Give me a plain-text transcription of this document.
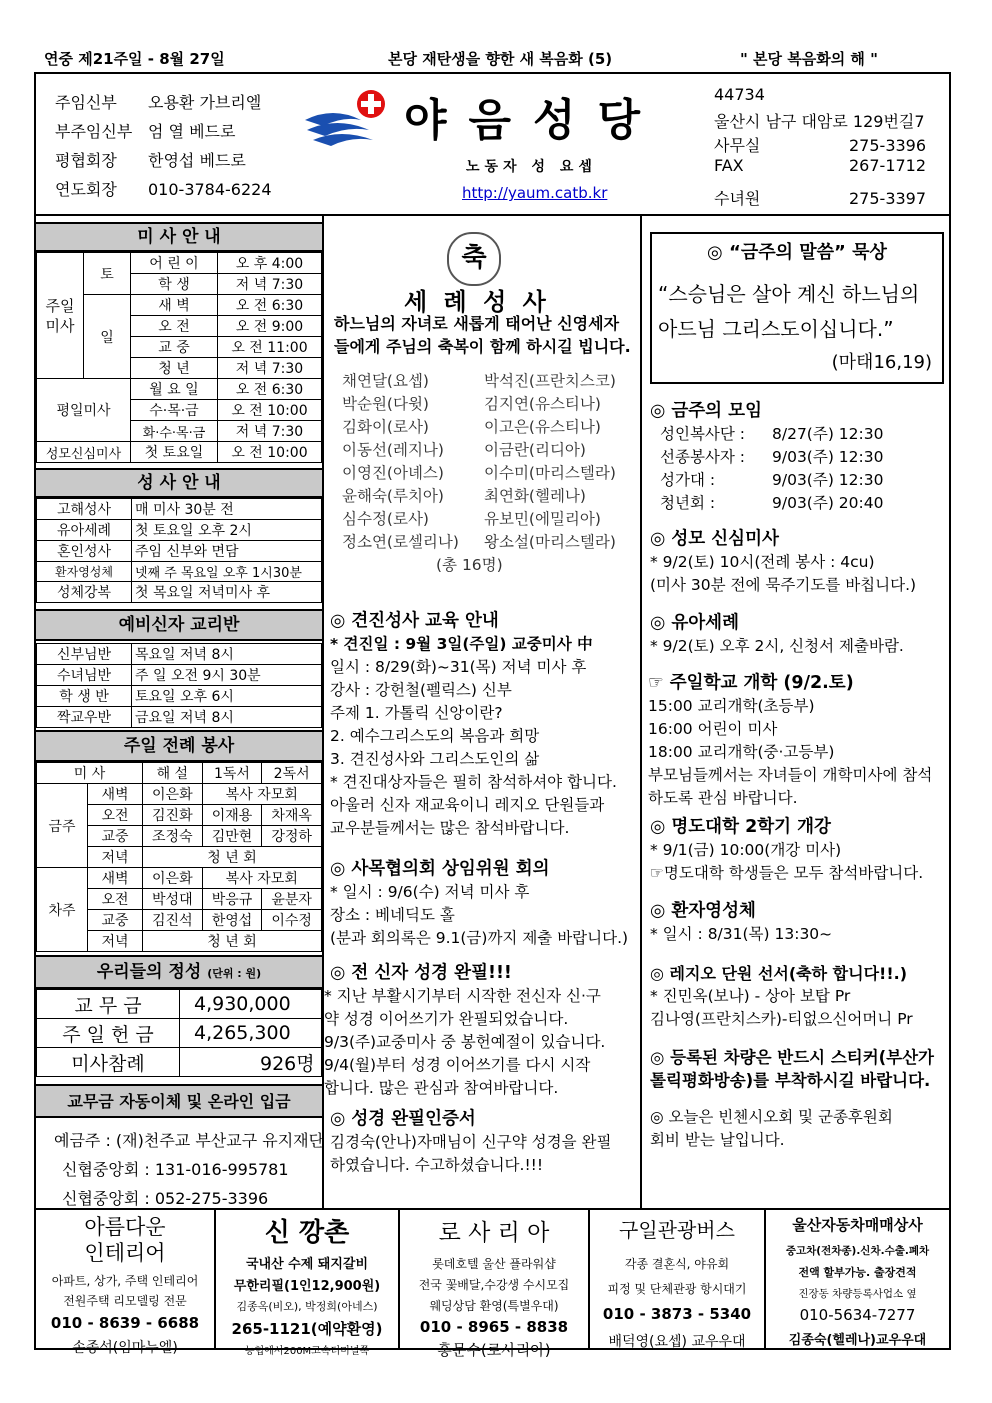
연중 제21주일 - 8월 27일	본당 재탄생을 향한 새 복음화 (5)	" 본당 복음화의 해 "
주임신부 오용환 가브리엘
부주임신부 엄 열 베드로
평협회장 한영섭 베드로
연도회장 010-3784-6224
야음성당
노동자 성 요셉
http://yaum.catb.kr
44734
울산시 남구 대암로 129번길7
사무실	275-3396
FAX	267-1712
수녀원	275-3397
미 사 안 내
주일미사	토	어 린 이	오 후 4:00
		학 생	저 녁 7:30
	일	새 벽	오 전 6:30
		오 전	오 전 9:00
		교 중	오 전 11:00
		청 년	저 녁 7:30
평일미사		월 요 일	오 전 6:30
		수·목·금	오 전 10:00
		화·수·목·금	저 녁 7:30
성모신심미사		첫 토요일	오 전 10:00
성 사 안 내
고해성사	매 미사 30분 전
유아세례	첫 토요일 오후 2시
혼인성사	주임 신부와 면담
환자영성체	넷째 주 목요일 오후 1시30분
성체강복	첫 목요일 저녁미사 후
예비신자 교리반
신부님반	목요일 저녁 8시
수녀님반	주 일 오전 9시 30분
학 생 반	토요일 오후 6시
짝교우반	금요일 저녁 8시
주일 전례 봉사
미 사		해 설	1독서	2독서
금주	새벽	이은화	복사 자모회	
	오전	김진화	이재용	차재옥
	교중	조정숙	김만현	강정하
	저녁	청 년 회		
차주	새벽	이은화	복사 자모회	
	오전	박성대	박응규	윤분자
	교중	김진석	한영섭	이수정
	저녁	청 년 회		
우리들의 정성 (단위 : 원)
교 무 금	4,930,000
주 일 헌 금	4,265,300
미사참례	926명
교무금 자동이체 및 온라인 입금
예금주 : (재)천주교 부산교구 유지재단
신협중앙회 : 131-016-995781
신협중앙회 : 052-275-3396
축
세 례 성 사
하느님의 자녀로 새롭게 태어난 신영세자
들에게 주님의 축복이 함께 하시길 빕니다.
채연달(요셉)	박석진(프란치스코)
박순원(다윗)	김지연(유스티나)
김화이(로사)	이고은(유스티나)
이동선(레지나)	이금란(리디아)
이영진(아녜스)	이수미(마리스텔라)
윤해숙(루치아)	최연화(헬레나)
심수정(로사)	유보민(에밀리아)
정소연(로셀리나) 왕소설(마리스텔라)
(총 16명)
◎ 견진성사 교육 안내
* 견진일 : 9월 3일(주일) 교중미사 中
일시 : 8/29(화)~31(목) 저녁 미사 후
강사 : 강헌철(펠릭스) 신부
주제 1. 가톨릭 신앙이란?
2. 예수그리스도의 복음과 희망
3. 견진성사와 그리스도인의 삶
* 견진대상자들은 필히 참석하셔야 합니다.
아울러 신자 재교육이니 레지오 단원들과
교우분들께서는 많은 참석바랍니다.
◎ 사목협의회 상임위원 회의
* 일시 : 9/6(수) 저녁 미사 후
장소 : 베네딕도 홀
(분과 회의록은 9.1(금)까지 제출 바랍니다.)
◎ 전 신자 성경 완필!!!
* 지난 부활시기부터 시작한 전신자 신·구
약 성경 이어쓰기가 완필되었습니다.
9/3(주)교중미사 중 봉헌예절이 있습니다.
9/4(월)부터 성경 이어쓰기를 다시 시작
합니다. 많은 관심과 참여바랍니다.
◎ 성경 완필인증서
김경숙(안나)자매님이 신구약 성경을 완필
하였습니다. 수고하셨습니다.!!!
◎ “금주의 말씀” 묵상
“스승님은 살아 계신 하느님의
아드님 그리스도이십니다.”
(마태16,19)
◎ 금주의 모임
성인복사단 : 8/27(주) 12:30
선종봉사자 : 9/03(주) 12:30
성가대 :	9/03(주) 12:30
청년회 :	9/03(주) 20:40
◎ 성모 신심미사
* 9/2(토) 10시(전례 봉사 : 4cu)
(미사 30분 전에 묵주기도를 바칩니다.)
◎ 유아세례
* 9/2(토) 오후 2시, 신청서 제출바람.
☞ 주일학교 개학 (9/2.토)
15:00 교리개학(초등부)
16:00 어린이 미사
18:00 교리개학(중·고등부)
부모님들께서는 자녀들이 개학미사에 참석
하도록 관심 바랍니다.
◎ 명도대학 2학기 개강
* 9/1(금) 10:00(개강 미사)
☞명도대학 학생들은 모두 참석바랍니다.
◎ 환자영성체
* 일시 : 8/31(목) 13:30~
◎ 레지오 단원 선서(축하 합니다!!.)
* 진민옥(보나) - 상아 보탑 Pr
김나영(프란치스카)-티없으신어머니 Pr
◎ 등록된 차량은 반드시 스티커(부산가
톨릭평화방송)를 부착하시길 바랍니다.
◎ 오늘은 빈첸시오회 및 군종후원회
회비 받는 날입니다.
아름다운
인테리어
아파트, 상가, 주택 인테리어
전원주택 리모델링 전문
010 - 8639 - 6688
손종석(임마누엘)
신 깡촌
국내산 수제 돼지갈비
무한리필(1인12,900원)
김종옥(비오), 박정희(아네스)
265-1121(예약환영)
농협에서200M고속터미널쪽
로 사 리 아
롯데호텔 울산 플라워샵
전국 꽃배달,수강생 수시모집
웨딩상담 환영(특별우대)
010 - 8965 - 8838
홍문수(로사리아)
구일관광버스
각종 결혼식, 야유회
피정 및 단체관광 항시대기
010 - 3873 - 5340
배덕영(요셉) 교우우대
울산자동차매매상사
중고차(전차종).신차.수출.폐차
전액 할부가능. 출장견적
진장동 차량등록사업소 옆
010-5634-7277
김종숙(헬레나)교우우대
